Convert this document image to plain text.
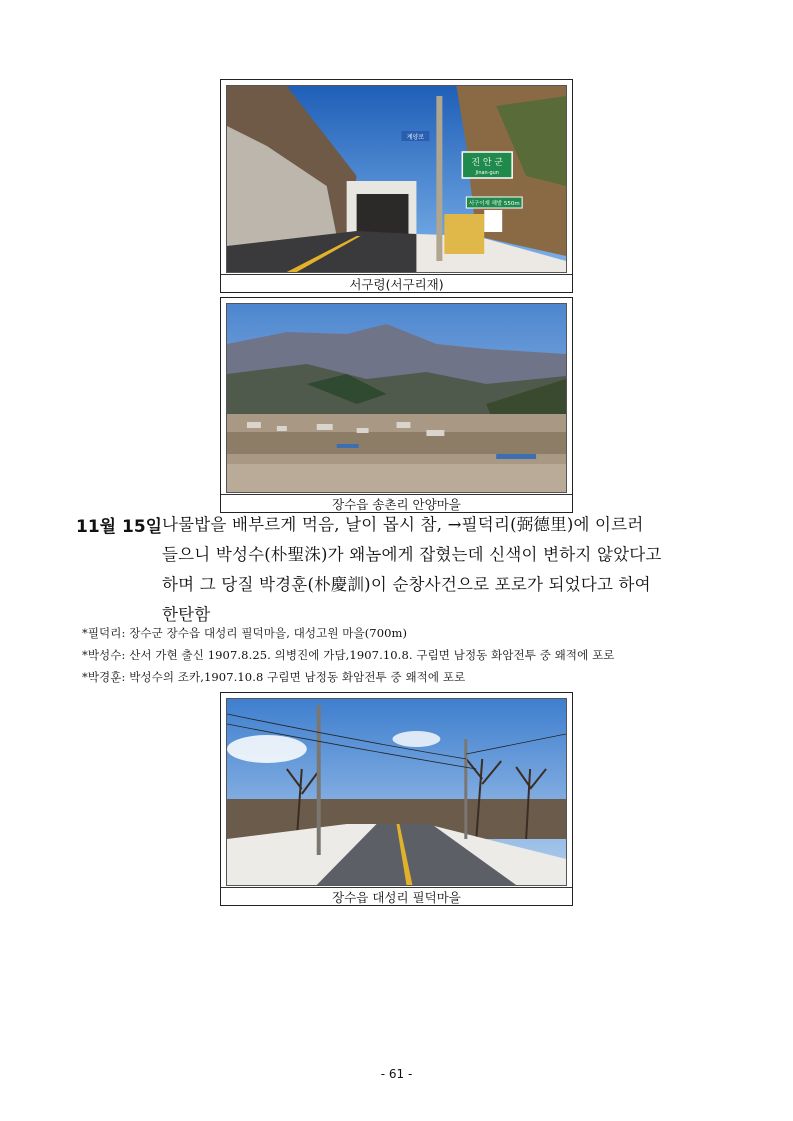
계양로
진 안 군
Jinan-gun
서구이재 해발 550m
서구령(서구리재)
장수읍 송촌리 안양마을
11월 15일 나물밥을 배부르게 먹음, 날이 몹시 참, →필덕리(弼德里)에 이르러

들으니 박성수(朴聖洙)가 왜놈에게 잡혔는데 신색이 변하지 않았다고

하며 그 당질 박경훈(朴慶訓)이 순창사건으로 포로가 되었다고 하여

한탄함

*필덕리: 장수군 장수읍 대성리 필덕마을, 대성고원 마을(700m)
*박성수: 산서 가현 출신 1907.8.25. 의병진에 가담,1907.10.8. 구림면 남정동 화암전투 중 왜적에 포로
*박경훈: 박성수의 조카,1907.10.8 구림면 남정동 화암전투 중 왜적에 포로
장수읍 대성리 필덕마을
- 61 -
